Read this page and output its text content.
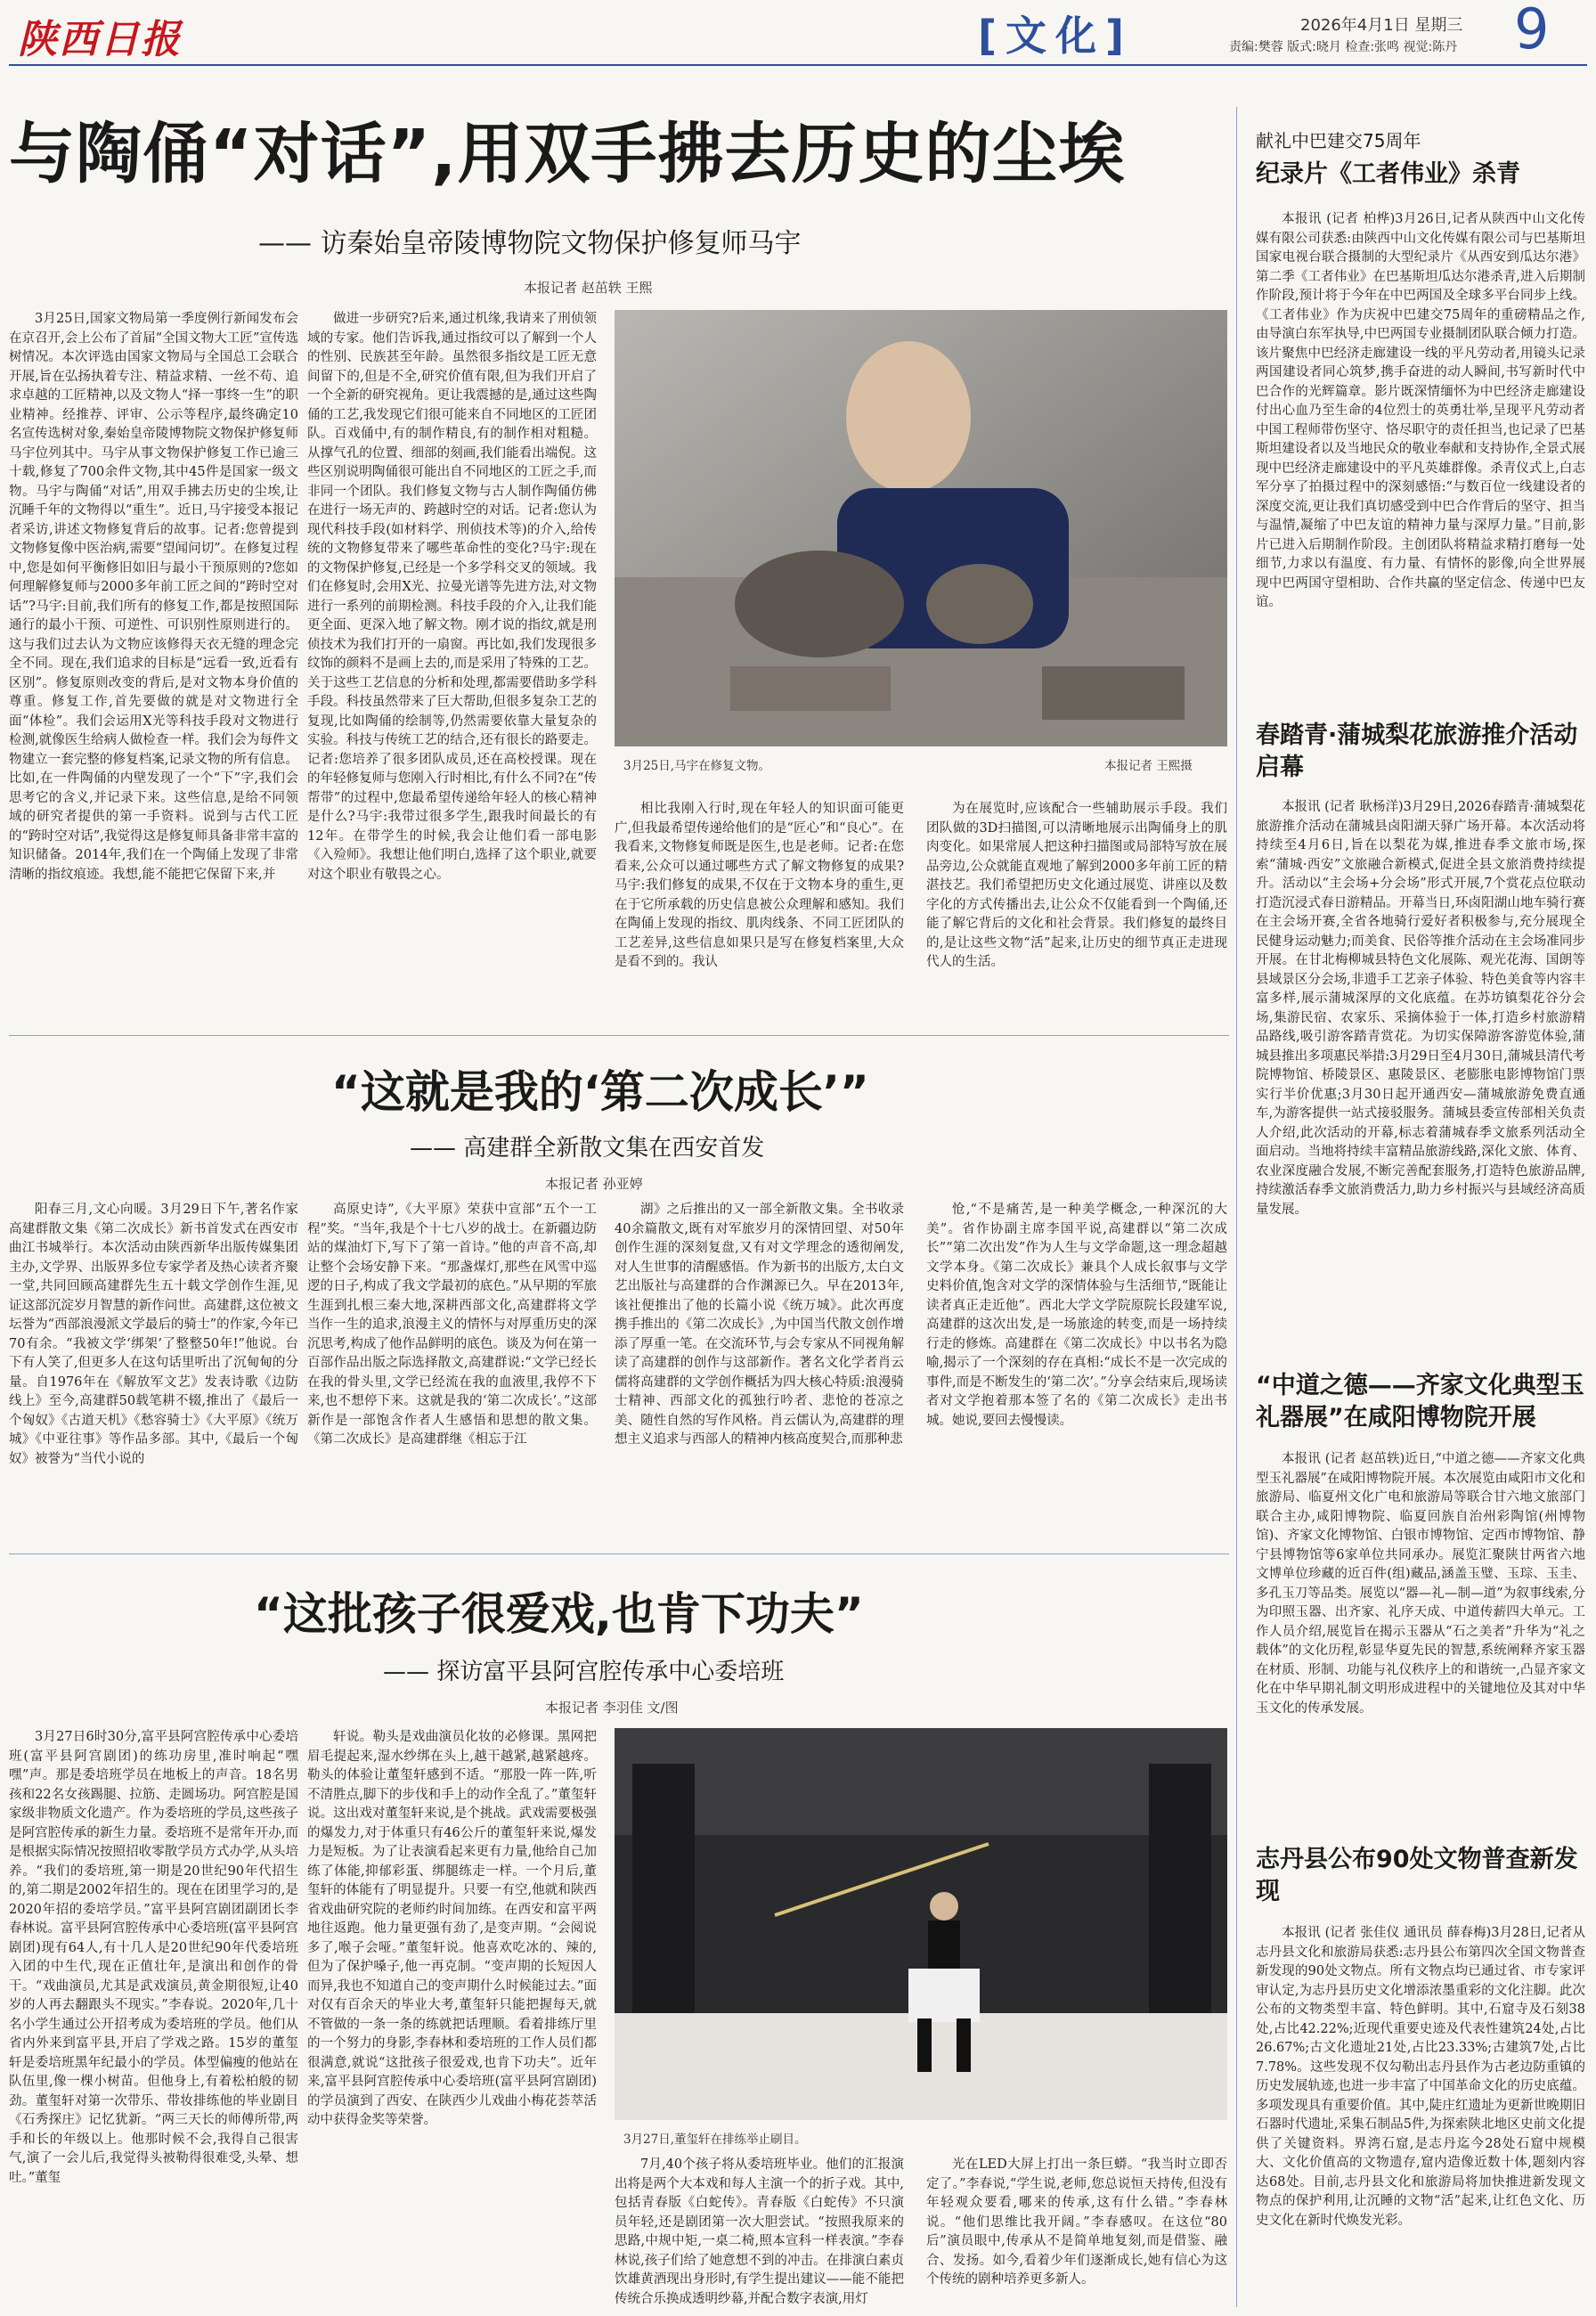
陕西日报	[文化]	2026年4月1日 星期三
责编:樊蓉 版式:晓月 检查:张鸣 视觉:陈丹 9
与陶俑“对话”,用双手拂去历史的尘埃
—— 访秦始皇帝陵博物院文物保护修复师马宇
本报记者 赵茁轶 王熙

3月25日,国家文物局第一季度例行新闻发布会在京召开,会上公布了首届“全国文物大工匠”宣传选树情况。本次评选由国家文物局与全国总工会联合开展,旨在弘扬执着专注、精益求精、一丝不苟、追求卓越的工匠精神,以及文物人“择一事终一生”的职业精神。经推荐、评审、公示等程序,最终确定10名宣传选树对象,秦始皇帝陵博物院文物保护修复师马宇位列其中。马宇从事文物保护修复工作已逾三十载,修复了700余件文物,其中45件是国家一级文物。马宇与陶俑“对话”,用双手拂去历史的尘埃,让沉睡千年的文物得以“重生”。近日,马宇接受本报记者采访,讲述文物修复背后的故事。记者:您曾提到文物修复像中医治病,需要“望闻问切”。在修复过程中,您是如何平衡修旧如旧与最小干预原则的?您如何理解修复师与2000多年前工匠之间的“跨时空对话”?马宇:目前,我们所有的修复工作,都是按照国际通行的最小干预、可逆性、可识别性原则进行的。这与我们过去认为文物应该修得天衣无缝的理念完全不同。现在,我们追求的目标是“远看一致,近看有区别”。修复原则改变的背后,是对文物本身价值的尊重。修复工作,首先要做的就是对文物进行全面“体检”。我们会运用X光等科技手段对文物进行检测,就像医生给病人做检查一样。我们会为每件文物建立一套完整的修复档案,记录文物的所有信息。比如,在一件陶俑的内壁发现了一个“下”字,我们会思考它的含义,并记录下来。这些信息,是给不同领域的研究者提供的第一手资料。说到与古代工匠的“跨时空对话”,我觉得这是修复师具备非常丰富的知识储备。2014年,我们在一个陶俑上发现了非常清晰的指纹痕迹。我想,能不能把它保留下来,并

做进一步研究?后来,通过机缘,我请来了刑侦领域的专家。他们告诉我,通过指纹可以了解到一个人的性别、民族甚至年龄。虽然很多指纹是工匠无意间留下的,但是不全,研究价值有限,但为我们开启了一个全新的研究视角。更让我震撼的是,通过这些陶俑的工艺,我发现它们很可能来自不同地区的工匠团队。百戏俑中,有的制作精良,有的制作相对粗糙。从撑气孔的位置、细部的刻画,我们能看出端倪。这些区别说明陶俑很可能出自不同地区的工匠之手,而非同一个团队。我们修复文物与古人制作陶俑仿佛在进行一场无声的、跨越时空的对话。记者:您认为现代科技手段(如材料学、刑侦技术等)的介入,给传统的文物修复带来了哪些革命性的变化?马宇:现在的文物保护修复,已经是一个多学科交叉的领域。我们在修复时,会用X光、拉曼光谱等先进方法,对文物进行一系列的前期检测。科技手段的介入,让我们能更全面、更深入地了解文物。刚才说的指纹,就是刑侦技术为我们打开的一扇窗。再比如,我们发现很多纹饰的颜料不是画上去的,而是采用了特殊的工艺。关于这些工艺信息的分析和处理,都需要借助多学科手段。科技虽然带来了巨大帮助,但很多复杂工艺的复现,比如陶俑的绘制等,仍然需要依靠大量复杂的实验。科技与传统工艺的结合,还有很长的路要走。记者:您培养了很多团队成员,还在高校授课。现在的年轻修复师与您刚入行时相比,有什么不同?在“传帮带”的过程中,您最希望传递给年轻人的核心精神是什么?马宇:我带过很多学生,跟我时间最长的有12年。在带学生的时候,我会让他们看一部电影《入殓师》。我想让他们明白,选择了这个职业,就要对这个职业有敬畏之心。

3月25日,马宇在修复文物。	本报记者 王熙摄

相比我刚入行时,现在年轻人的知识面可能更广,但我最希望传递给他们的是“匠心”和“良心”。在我看来,文物修复师既是医生,也是老师。记者:在您看来,公众可以通过哪些方式了解文物修复的成果?马宇:我们修复的成果,不仅在于文物本身的重生,更在于它所承载的历史信息被公众理解和感知。我们在陶俑上发现的指纹、肌肉线条、不同工匠团队的工艺差异,这些信息如果只是写在修复档案里,大众是看不到的。我认

为在展览时,应该配合一些辅助展示手段。我们团队做的3D扫描图,可以清晰地展示出陶俑身上的肌肉变化。如果常展人把这种扫描图或局部特写放在展品旁边,公众就能直观地了解到2000多年前工匠的精湛技艺。我们希望把历史文化通过展览、讲座以及数字化的方式传播出去,让公众不仅能看到一个陶俑,还能了解它背后的文化和社会背景。我们修复的最终目的,是让这些文物“活”起来,让历史的细节真正走进现代人的生活。

“这就是我的‘第二次成长’”
—— 高建群全新散文集在西安首发
本报记者 孙亚婷

阳春三月,文心向暖。3月29日下午,著名作家高建群散文集《第二次成长》新书首发式在西安市曲江书城举行。本次活动由陕西新华出版传媒集团主办,文学界、出版界多位专家学者及热心读者齐聚一堂,共同回顾高建群先生五十载文学创作生涯,见证这部沉淀岁月智慧的新作问世。高建群,这位被文坛誉为“西部浪漫派文学最后的骑士”的作家,今年已70有余。“我被文学‘绑架’了整整50年!”他说。台下有人笑了,但更多人在这句话里听出了沉甸甸的分量。自1976年在《解放军文艺》发表诗歌《边防线上》至今,高建群50载笔耕不辍,推出了《最后一个匈奴》《古道天机》《愁容骑士》《大平原》《统万城》《中亚往事》等作品多部。其中,《最后一个匈奴》被誉为“当代小说的

高原史诗”,《大平原》荣获中宣部“五个一工程”奖。“当年,我是个十七八岁的战士。在新疆边防站的煤油灯下,写下了第一首诗。”他的声音不高,却让整个会场安静下来。“那盏煤灯,那些在风雪中巡逻的日子,构成了我文学最初的底色。”从早期的军旅生涯到扎根三秦大地,深耕西部文化,高建群将文学当作一生的追求,浪漫主义的情怀与对厚重历史的深沉思考,构成了他作品鲜明的底色。谈及为何在第一百部作品出版之际选择散文,高建群说:“文学已经长在我的骨头里,文学已经流在我的血液里,我停不下来,也不想停下来。这就是我的‘第二次成长’。”这部新作是一部饱含作者人生感悟和思想的散文集。《第二次成长》是高建群继《相忘于江

湖》之后推出的又一部全新散文集。全书收录40余篇散文,既有对军旅岁月的深情回望、对50年创作生涯的深刻复盘,又有对文学理念的透彻阐发,对人生世事的清醒感悟。作为新书的出版方,太白文艺出版社与高建群的合作渊源已久。早在2013年,该社便推出了他的长篇小说《统万城》。此次再度携手推出的《第二次成长》,为中国当代散文创作增添了厚重一笔。在交流环节,与会专家从不同视角解读了高建群的创作与这部新作。著名文化学者肖云儒将高建群的文学创作概括为四大核心特质:浪漫骑士精神、西部文化的孤独行吟者、悲怆的苍凉之美、随性自然的写作风格。肖云儒认为,高建群的理想主义追求与西部人的精神内核高度契合,而那种悲

怆,“不是痛苦,是一种美学概念,一种深沉的大美”。省作协副主席李国平说,高建群以“第二次成长”“第二次出发”作为人生与文学命题,这一理念超越文学本身。《第二次成长》兼具个人成长叙事与文学史料价值,饱含对文学的深情体验与生活细节,“既能让读者真正走近他”。西北大学文学院原院长段建军说,高建群的这次出发,是一场旅途的转变,而是一场持续行走的修炼。高建群在《第二次成长》中以书名为隐喻,揭示了一个深刻的存在真相:“成长不是一次完成的事件,而是不断发生的‘第二次’。”分享会结束后,现场读者对文学抱着那本签了名的《第二次成长》走出书城。她说,要回去慢慢读。

“这批孩子很爱戏,也肯下功夫”
—— 探访富平县阿宫腔传承中心委培班
本报记者 李羽佳 文/图

3月27日6时30分,富平县阿宫腔传承中心委培班(富平县阿宫剧团)的练功房里,准时响起“嘿嘿”声。那是委培班学员在地板上的声音。18名男孩和22名女孩踢腿、拉筋、走圆场功。阿宫腔是国家级非物质文化遗产。作为委培班的学员,这些孩子是阿宫腔传承的新生力量。委培班不是常年开办,而是根据实际情况按照招收零散学员方式办学,从头培养。“我们的委培班,第一期是20世纪90年代招生的,第二期是2002年招生的。现在在团里学习的,是2020年招的委培学员。”富平县阿宫剧团副团长李春林说。富平县阿宫腔传承中心委培班(富平县阿宫剧团)现有64人,有十几人是20世纪90年代委培班入团的中生代,现在正值壮年,是演出和创作的骨干。“戏曲演员,尤其是武戏演员,黄金期很短,让40岁的人再去翻跟头不现实。”李春说。2020年,几十名小学生通过公开招考成为委培班的学员。他们从省内外来到富平县,开启了学戏之路。15岁的董玺轩是委培班黑年纪最小的学员。体型偏瘦的他站在队伍里,像一棵小树苗。但他身上,有着松柏般的韧劲。董玺轩对第一次带乐、带妆排练他的毕业剧目《石秀探庄》记忆犹新。“两三天长的师傅所带,两手和长的年级以上。他那时候不会,我得自己很害气,演了一会儿后,我觉得头被勒得很难受,头晕、想吐。”董玺

轩说。勒头是戏曲演员化妆的必修课。黑网把眉毛提起来,湿水纱绑在头上,越干越紧,越紧越疼。勒头的体验让董玺轩感到不适。“那股一阵一阵,听不清胜点,脚下的步伐和手上的动作全乱了。”董玺轩说。这出戏对董玺轩来说,是个挑战。武戏需要极强的爆发力,对于体重只有46公斤的董玺轩来说,爆发力是短板。为了让表演看起来更有力量,他给自己加练了体能,抑郁彩蛋、绑腿练走一样。一个月后,董玺轩的体能有了明显提升。只要一有空,他就和陕西省戏曲研究院的老师约时间加练。在西安和富平两地往返跑。他力量更强有劲了,是变声期。“会阅说多了,喉子会哑。”董玺轩说。他喜欢吃冰的、辣的,但为了保护嗓子,他一再克制。“变声期的长短因人而异,我也不知道自己的变声期什么时候能过去。”面对仅有百余天的毕业大考,董玺轩只能把握每天,就不管做的一条一条的练就把话理顺。看着排练厅里的一个努力的身影,李春林和委培班的工作人员们都很满意,就说“这批孩子很爱戏,也肯下功夫”。近年来,富平县阿宫腔传承中心委培班(富平县阿宫剧团)的学员演到了西安、在陕西少儿戏曲小梅花荟萃活动中获得金奖等荣誉。

3月27日,董玺轩在排练举止刷目。

7月,40个孩子将从委培班毕业。他们的汇报演出将是两个大本戏和每人主演一个的折子戏。其中,包括青春版《白蛇传》。青春版《白蛇传》不只演员年轻,还是剧团第一次大胆尝试。“按照我原来的思路,中规中矩,一桌二椅,照本宣科一样表演。”李春林说,孩子们给了她意想不到的冲击。在排演白素贞饮雄黄酒现出身形时,有学生提出建议——能不能把传统合乐换成透明纱幕,并配合数字表演,用灯

光在LED大屏上打出一条巨蟒。“我当时立即否定了。”李春说,“学生说,老师,您总说恒天持传,但没有年轻观众要看,哪来的传承,这有什么错。”李春林说。“他们思维比我开阔。”李春感叹。在这位“80后”演员眼中,传承从不是简单地复刻,而是借鉴、融合、发扬。如今,看着少年们逐渐成长,她有信心为这个传统的剧种培养更多新人。

献礼中巴建交75周年
纪录片《工者伟业》杀青

本报讯 (记者 柏桦)3月26日,记者从陕西中山文化传媒有限公司获悉:由陕西中山文化传媒有限公司与巴基斯坦国家电视台联合摄制的大型纪录片《从西安到瓜达尔港》第二季《工者伟业》在巴基斯坦瓜达尔港杀青,进入后期制作阶段,预计将于今年在中巴两国及全球多平台同步上线。《工者伟业》作为庆祝中巴建交75周年的重磅精品之作,由导演白东军执导,中巴两国专业摄制团队联合倾力打造。该片聚焦中巴经济走廊建设一线的平凡劳动者,用镜头记录两国建设者同心筑梦,携手奋进的动人瞬间,书写新时代中巴合作的光辉篇章。影片既深情缅怀为中巴经济走廊建设付出心血乃至生命的4位烈士的英勇壮举,呈现平凡劳动者中国工程师带伤坚守、恪尽职守的责任担当,也记录了巴基斯坦建设者以及当地民众的敬业奉献和支持协作,全景式展现中巴经济走廊建设中的平凡英雄群像。杀青仪式上,白志军分享了拍摄过程中的深刻感悟:“与数百位一线建设者的深度交流,更让我们真切感受到中巴合作背后的坚守、担当与温情,凝缩了中巴友谊的精神力量与深厚力量。”目前,影片已进入后期制作阶段。主创团队将精益求精打磨每一处细节,力求以有温度、有力量、有情怀的影像,向全世界展现中巴两国守望相助、合作共赢的坚定信念、传递中巴友谊。

春踏青·蒲城梨花旅游推介活动启幕

本报讯 (记者 耿杨洋)3月29日,2026春踏青·蒲城梨花旅游推介活动在蒲城县卤阳湖天驿广场开幕。本次活动将持续至4月6日,旨在以梨花为媒,推进春季文旅市场,探索“蒲城·西安”文旅融合新模式,促进全县文旅消费持续提升。活动以“主会场+分会场”形式开展,7个赏花点位联动打造沉浸式春日游精品。开幕当日,环卤阳湖山地车骑行赛在主会场开赛,全省各地骑行爱好者积极参与,充分展现全民健身运动魅力;而美食、民俗等推介活动在主会场准同步开展。在甘北梅柳城县特色文化展陈、观光花海、国朗等县域景区分会场,非遗手工艺亲子体验、特色美食等内容丰富多样,展示蒲城深厚的文化底蕴。在苏坊镇梨花谷分会场,集游民宿、农家乐、采摘体验于一体,打造乡村旅游精品路线,吸引游客踏青赏花。为切实保障游客游览体验,蒲城县推出多项惠民举措:3月29日至4月30日,蒲城县清代考院博物馆、桥陵景区、惠陵景区、老膨胀电影博物馆门票实行半价优惠;3月30日起开通西安—蒲城旅游免费直通车,为游客提供一站式接驳服务。蒲城县委宣传部相关负责人介绍,此次活动的开幕,标志着蒲城春季文旅系列活动全面启动。当地将持续丰富精品旅游线路,深化文旅、体育、农业深度融合发展,不断完善配套服务,打造特色旅游品牌,持续激活春季文旅消费活力,助力乡村振兴与县域经济高质量发展。

“中道之德——齐家文化典型玉礼器展”在咸阳博物院开展

本报讯 (记者 赵茁轶)近日,“中道之德——齐家文化典型玉礼器展”在咸阳博物院开展。本次展览由咸阳市文化和旅游局、临夏州文化广电和旅游局等联合甘六地文旅部门联合主办,咸阳博物院、临夏回族自治州彩陶馆(州博物馆)、齐家文化博物馆、白银市博物馆、定西市博物馆、静宁县博物馆等6家单位共同承办。展览汇聚陕甘两省六地文博单位珍藏的近百件(组)藏品,涵盖玉璧、玉琮、玉圭、多孔玉刀等品类。展览以“器—礼—制—道”为叙事线索,分为印照玉器、出齐家、礼序天成、中道传薪四大单元。工作人员介绍,展览旨在揭示玉器从“石之美者”升华为“礼之载体”的文化历程,彰显华夏先民的智慧,系统阐释齐家玉器在材质、形制、功能与礼仪秩序上的和谐统一,凸显齐家文化在中华早期礼制文明形成进程中的关键地位及其对中华玉文化的传承发展。

志丹县公布90处文物普查新发现

本报讯 (记者 张佳仪 通讯员 薛春梅)3月28日,记者从志丹县文化和旅游局获悉:志丹县公布第四次全国文物普查新发现的90处文物点。所有文物点均已通过省、市专家评审认定,为志丹县历史文化增添浓墨重彩的文化注脚。此次公布的文物类型丰富、特色鲜明。其中,石窟寺及石刻38处,占比42.22%;近现代重要史迹及代表性建筑24处,占比26.67%;古文化遗址21处,占比23.33%;古建筑7处,占比7.78%。这些发现不仅勾勒出志丹县作为古老边防重镇的历史发展轨迹,也进一步丰富了中国革命文化的历史底蕴。多项发现具有重要价值。其中,陡庄红遗址为更新世晚期旧石器时代遗址,采集石制品5件,为探索陕北地区史前文化提供了关键资料。界湾石窟,是志丹迄今28处石窟中规模大、文化价值高的文物遗存,窟内造像近数十体,题刻内容达68处。目前,志丹县文化和旅游局将加快推进新发现文物点的保护利用,让沉睡的文物“活”起来,让红色文化、历史文化在新时代焕发光彩。
